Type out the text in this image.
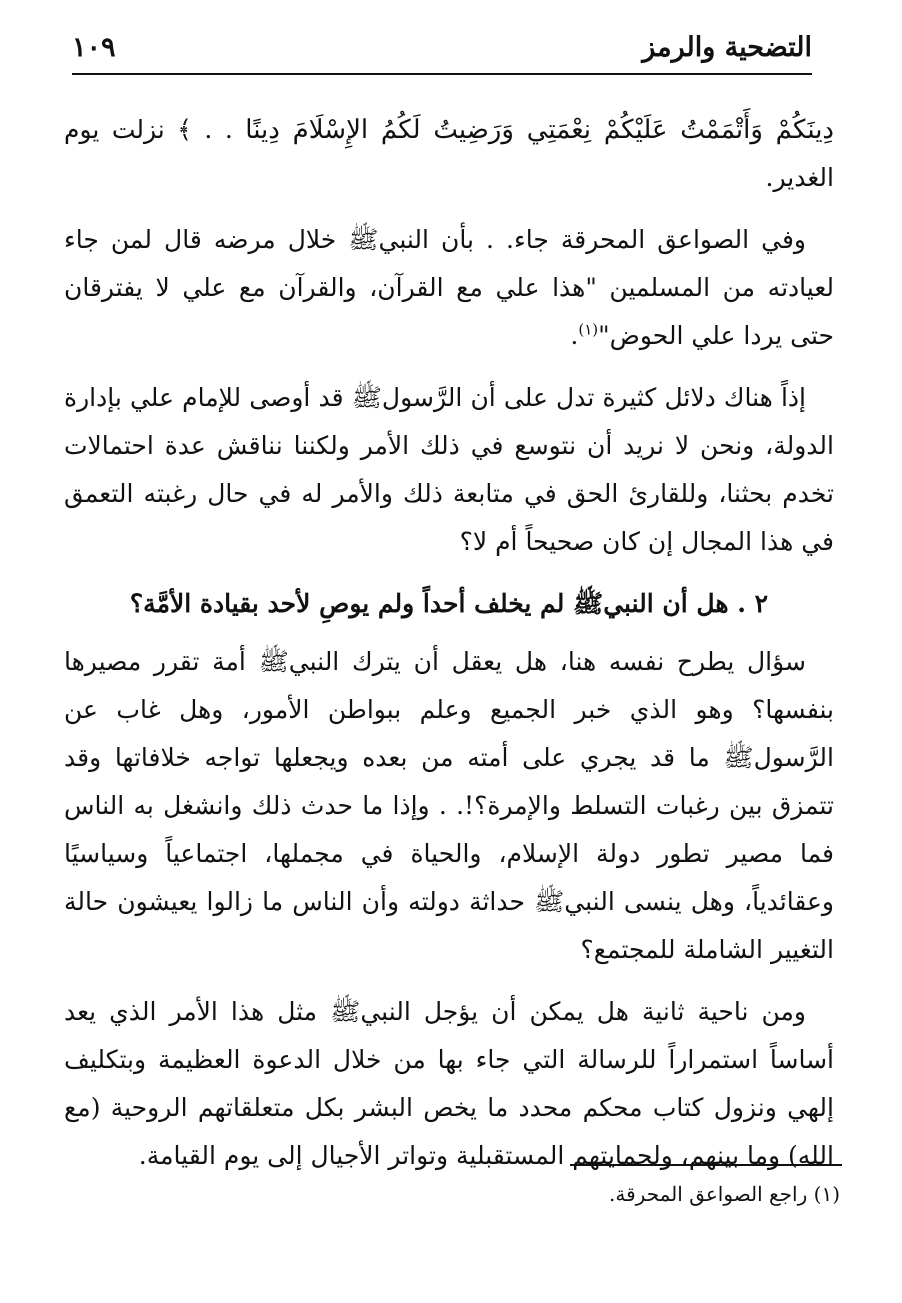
التضحية والرمز
١٠٩

دِينَكُمْ وَأَتْمَمْتُ عَلَيْكُمْ نِعْمَتِي وَرَضِيتُ لَكُمُ الإِسْلَامَ دِينًا . . ﴾ نزلت يوم الغدير.

وفي الصواعق المحرقة جاء. . بأن النبيﷺ خلال مرضه قال لمن جاء لعيادته من المسلمين "هذا علي مع القرآن، والقرآن مع علي لا يفترقان حتى يردا علي الحوض"$^{(١)}$.

إذاً هناك دلائل كثيرة تدل على أن الرَّسولﷺ قد أوصى للإمام علي بإدارة الدولة، ونحن لا نريد أن نتوسع في ذلك الأمر ولكننا نناقش عدة احتمالات تخدم بحثنا، وللقارئ الحق في متابعة ذلك والأمر له في حال رغبته التعمق في هذا المجال إن كان صحيحاً أم لا؟

٢ . هل أن النبيﷺ لم يخلف أحداً ولم يوصِ لأحد بقيادة الأمَّة؟

سؤال يطرح نفسه هنا، هل يعقل أن يترك النبيﷺ أمة تقرر مصيرها بنفسها؟ وهو الذي خبر الجميع وعلم ببواطن الأمور، وهل غاب عن الرَّسولﷺ ما قد يجري على أمته من بعده ويجعلها تواجه خلافاتها وقد تتمزق بين رغبات التسلط والإمرة؟!. . وإذا ما حدث ذلك وانشغل به الناس فما مصير تطور دولة الإسلام، والحياة في مجملها، اجتماعياً وسياسيًا وعقائدياً، وهل ينسى النبيﷺ حداثة دولته وأن الناس ما زالوا يعيشون حالة التغيير الشاملة للمجتمع؟

ومن ناحية ثانية هل يمكن أن يؤجل النبيﷺ مثل هذا الأمر الذي يعد أساساً استمراراً للرسالة التي جاء بها من خلال الدعوة العظيمة وبتكليف إلهي ونزول كتاب محكم محدد ما يخص البشر بكل متعلقاتهم الروحية (مع الله) وما بينهم، ولحمايتهم المستقبلية وتواتر الأجيال إلى يوم القيامة.

(١) راجع الصواعق المحرقة.
